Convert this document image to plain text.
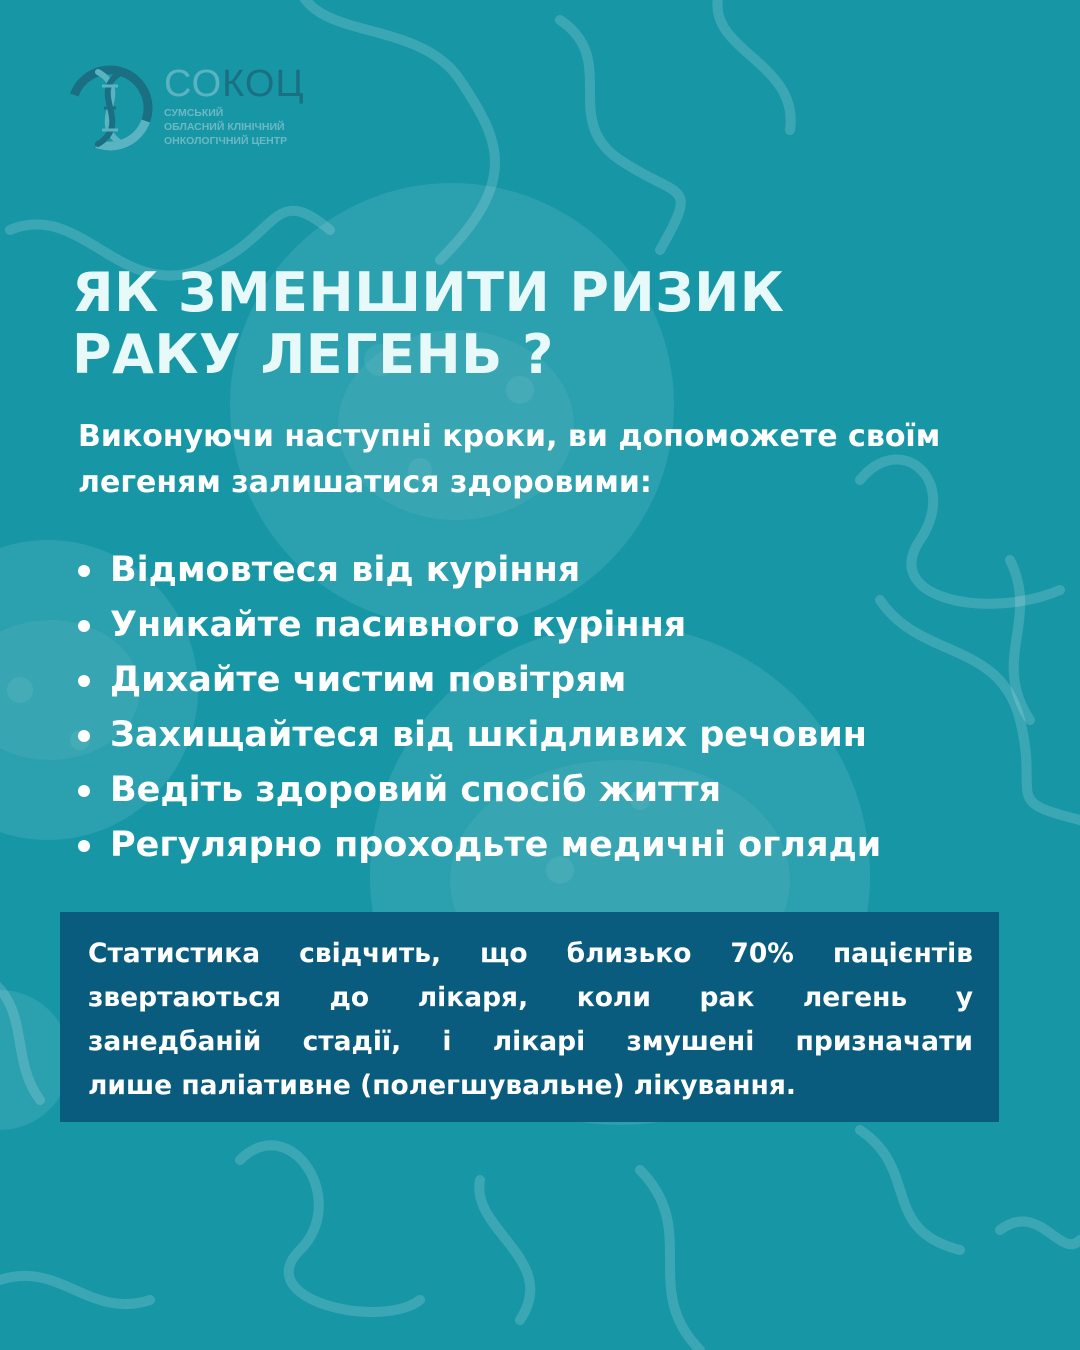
СОКОЦ
СУМСЬКИЙ
ОБЛАСНИЙ КЛІНІЧНИЙ
ОНКОЛОГІЧНИЙ ЦЕНТР
ЯК ЗМЕНШИТИ РИЗИК
РАКУ ЛЕГЕНЬ ?

Виконуючи наступні кроки, ви допоможете своїм
легеням залишатися здоровими:

Відмовтеся від куріння
Уникайте пасивного куріння
Дихайте чистим повітрям
Захищайтеся від шкідливих речовин
Ведіть здоровий спосіб життя
Регулярно проходьте медичні огляди

Статистика свідчить, що близько 70% пацієнтів
звертаються до лікаря, коли рак легень у
занедбаній стадії, і лікарі змушені призначати
лише паліативне (полегшувальне) лікування.
